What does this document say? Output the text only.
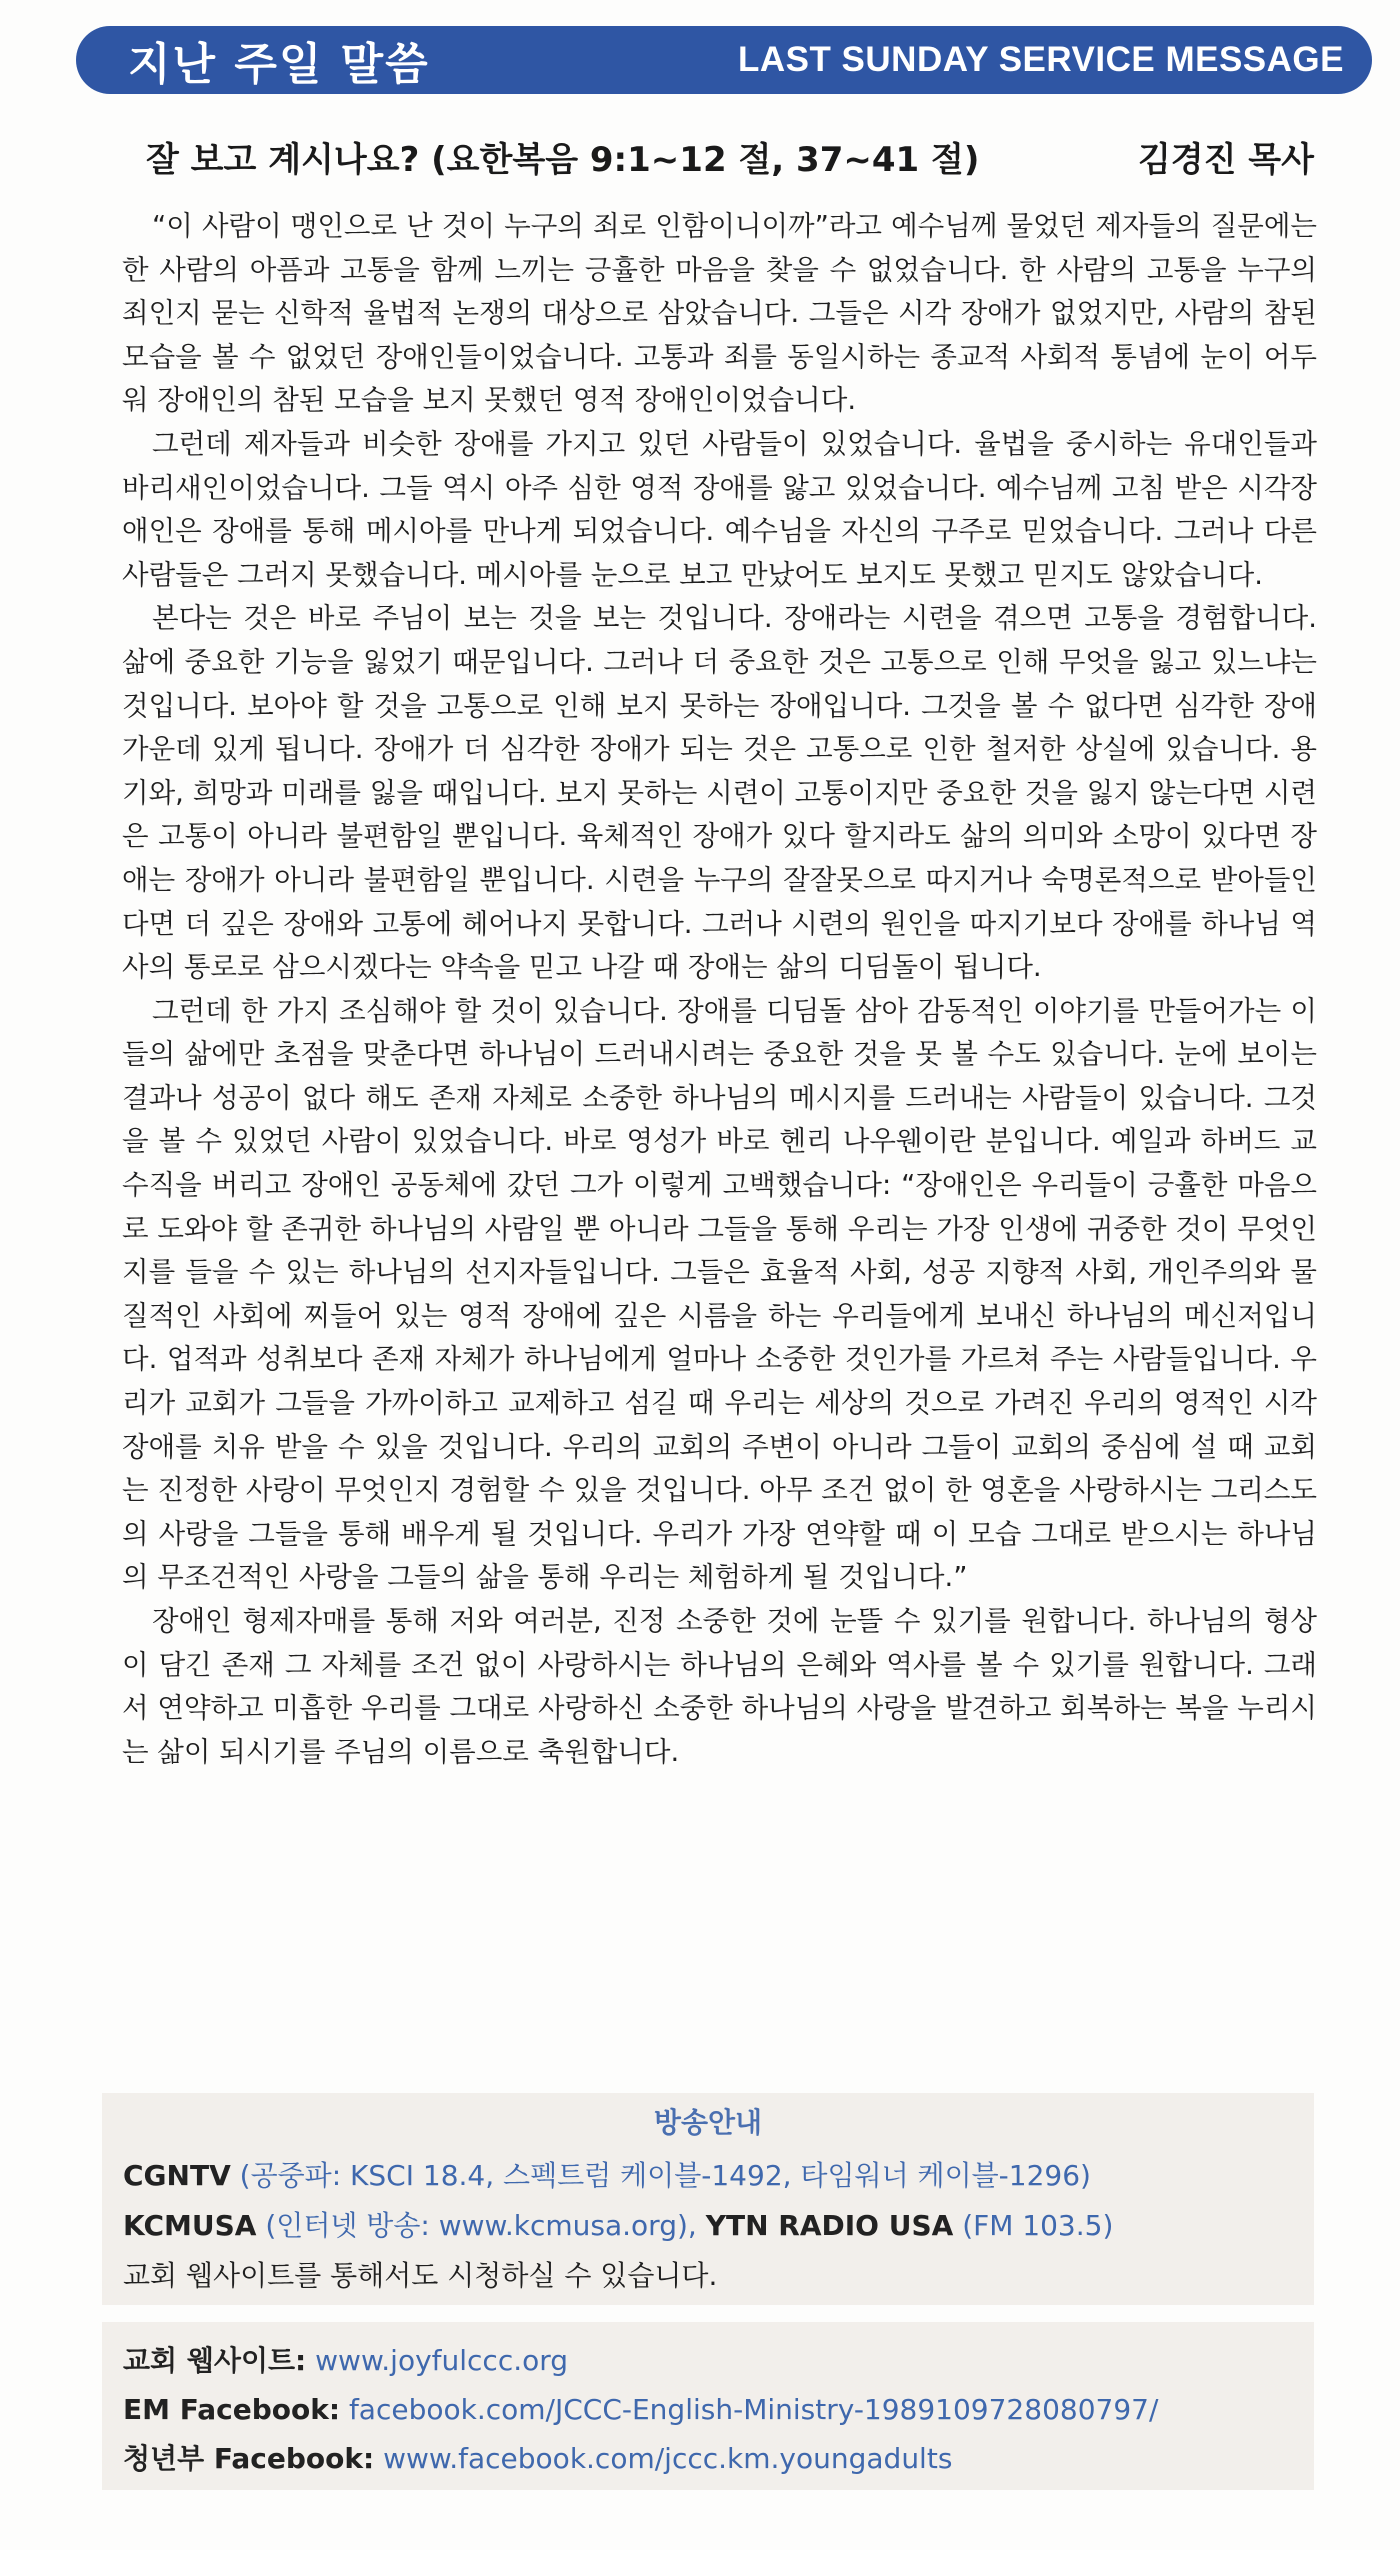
지난 주일 말씀	LAST SUNDAY SERVICE MESSAGE
잘 보고 계시나요? (요한복음 9:1~12 절, 37~41 절)	김경진 목사

“이 사람이 맹인으로 난 것이 누구의 죄로 인함이니이까”라고 예수님께 물었던 제자들의 질문에는 한 사람의 아픔과 고통을 함께 느끼는 긍휼한 마음을 찾을 수 없었습니다. 한 사람의 고통을 누구의 죄인지 묻는 신학적 율법적 논쟁의 대상으로 삼았습니다. 그들은 시각 장애가 없었지만, 사람의 참된 모습을 볼 수 없었던 장애인들이었습니다. 고통과 죄를 동일시하는 종교적 사회적 통념에 눈이 어두워 장애인의 참된 모습을 보지 못했던 영적 장애인이었습니다.

그런데 제자들과 비슷한 장애를 가지고 있던 사람들이 있었습니다. 율법을 중시하는 유대인들과 바리새인이었습니다. 그들 역시 아주 심한 영적 장애를 앓고 있었습니다. 예수님께 고침 받은 시각장애인은 장애를 통해 메시아를 만나게 되었습니다. 예수님을 자신의 구주로 믿었습니다. 그러나 다른 사람들은 그러지 못했습니다. 메시아를 눈으로 보고 만났어도 보지도 못했고 믿지도 않았습니다.

본다는 것은 바로 주님이 보는 것을 보는 것입니다. 장애라는 시련을 겪으면 고통을 경험합니다. 삶에 중요한 기능을 잃었기 때문입니다. 그러나 더 중요한 것은 고통으로 인해 무엇을 잃고 있느냐는 것입니다. 보아야 할 것을 고통으로 인해 보지 못하는 장애입니다. 그것을 볼 수 없다면 심각한 장애 가운데 있게 됩니다. 장애가 더 심각한 장애가 되는 것은 고통으로 인한 철저한 상실에 있습니다. 용기와, 희망과 미래를 잃을 때입니다. 보지 못하는 시련이 고통이지만 중요한 것을 잃지 않는다면 시련은 고통이 아니라 불편함일 뿐입니다. 육체적인 장애가 있다 할지라도 삶의 의미와 소망이 있다면 장애는 장애가 아니라 불편함일 뿐입니다. 시련을 누구의 잘잘못으로 따지거나 숙명론적으로 받아들인다면 더 깊은 장애와 고통에 헤어나지 못합니다. 그러나 시련의 원인을 따지기보다 장애를 하나님 역사의 통로로 삼으시겠다는 약속을 믿고 나갈 때 장애는 삶의 디딤돌이 됩니다.

그런데 한 가지 조심해야 할 것이 있습니다. 장애를 디딤돌 삼아 감동적인 이야기를 만들어가는 이들의 삶에만 초점을 맞춘다면 하나님이 드러내시려는 중요한 것을 못 볼 수도 있습니다. 눈에 보이는 결과나 성공이 없다 해도 존재 자체로 소중한 하나님의 메시지를 드러내는 사람들이 있습니다. 그것을 볼 수 있었던 사람이 있었습니다. 바로 영성가 바로 헨리 나우웬이란 분입니다. 예일과 하버드 교수직을 버리고 장애인 공동체에 갔던 그가 이렇게 고백했습니다: “장애인은 우리들이 긍휼한 마음으로 도와야 할 존귀한 하나님의 사람일 뿐 아니라 그들을 통해 우리는 가장 인생에 귀중한 것이 무엇인지를 들을 수 있는 하나님의 선지자들입니다. 그들은 효율적 사회, 성공 지향적 사회, 개인주의와 물질적인 사회에 찌들어 있는 영적 장애에 깊은 시름을 하는 우리들에게 보내신 하나님의 메신저입니다. 업적과 성취보다 존재 자체가 하나님에게 얼마나 소중한 것인가를 가르쳐 주는 사람들입니다. 우리가 교회가 그들을 가까이하고 교제하고 섬길 때 우리는 세상의 것으로 가려진 우리의 영적인 시각 장애를 치유 받을 수 있을 것입니다. 우리의 교회의 주변이 아니라 그들이 교회의 중심에 설 때 교회는 진정한 사랑이 무엇인지 경험할 수 있을 것입니다. 아무 조건 없이 한 영혼을 사랑하시는 그리스도의 사랑을 그들을 통해 배우게 될 것입니다. 우리가 가장 연약할 때 이 모습 그대로 받으시는 하나님의 무조건적인 사랑을 그들의 삶을 통해 우리는 체험하게 될 것입니다.”

장애인 형제자매를 통해 저와 여러분, 진정 소중한 것에 눈뜰 수 있기를 원합니다. 하나님의 형상이 담긴 존재 그 자체를 조건 없이 사랑하시는 하나님의 은혜와 역사를 볼 수 있기를 원합니다. 그래서 연약하고 미흡한 우리를 그대로 사랑하신 소중한 하나님의 사랑을 발견하고 회복하는 복을 누리시는 삶이 되시기를 주님의 이름으로 축원합니다.

방송안내
CGNTV (공중파: KSCI 18.4, 스펙트럼 케이블-1492, 타임워너 케이블-1296)
KCMUSA (인터넷 방송: www.kcmusa.org), YTN RADIO USA (FM 103.5)
교회 웹사이트를 통해서도 시청하실 수 있습니다.
교회 웹사이트: www.joyfulccc.org
EM Facebook: facebook.com/JCCC-English-Ministry-1989109728080797/
청년부 Facebook: www.facebook.com/jccc.km.youngadults
